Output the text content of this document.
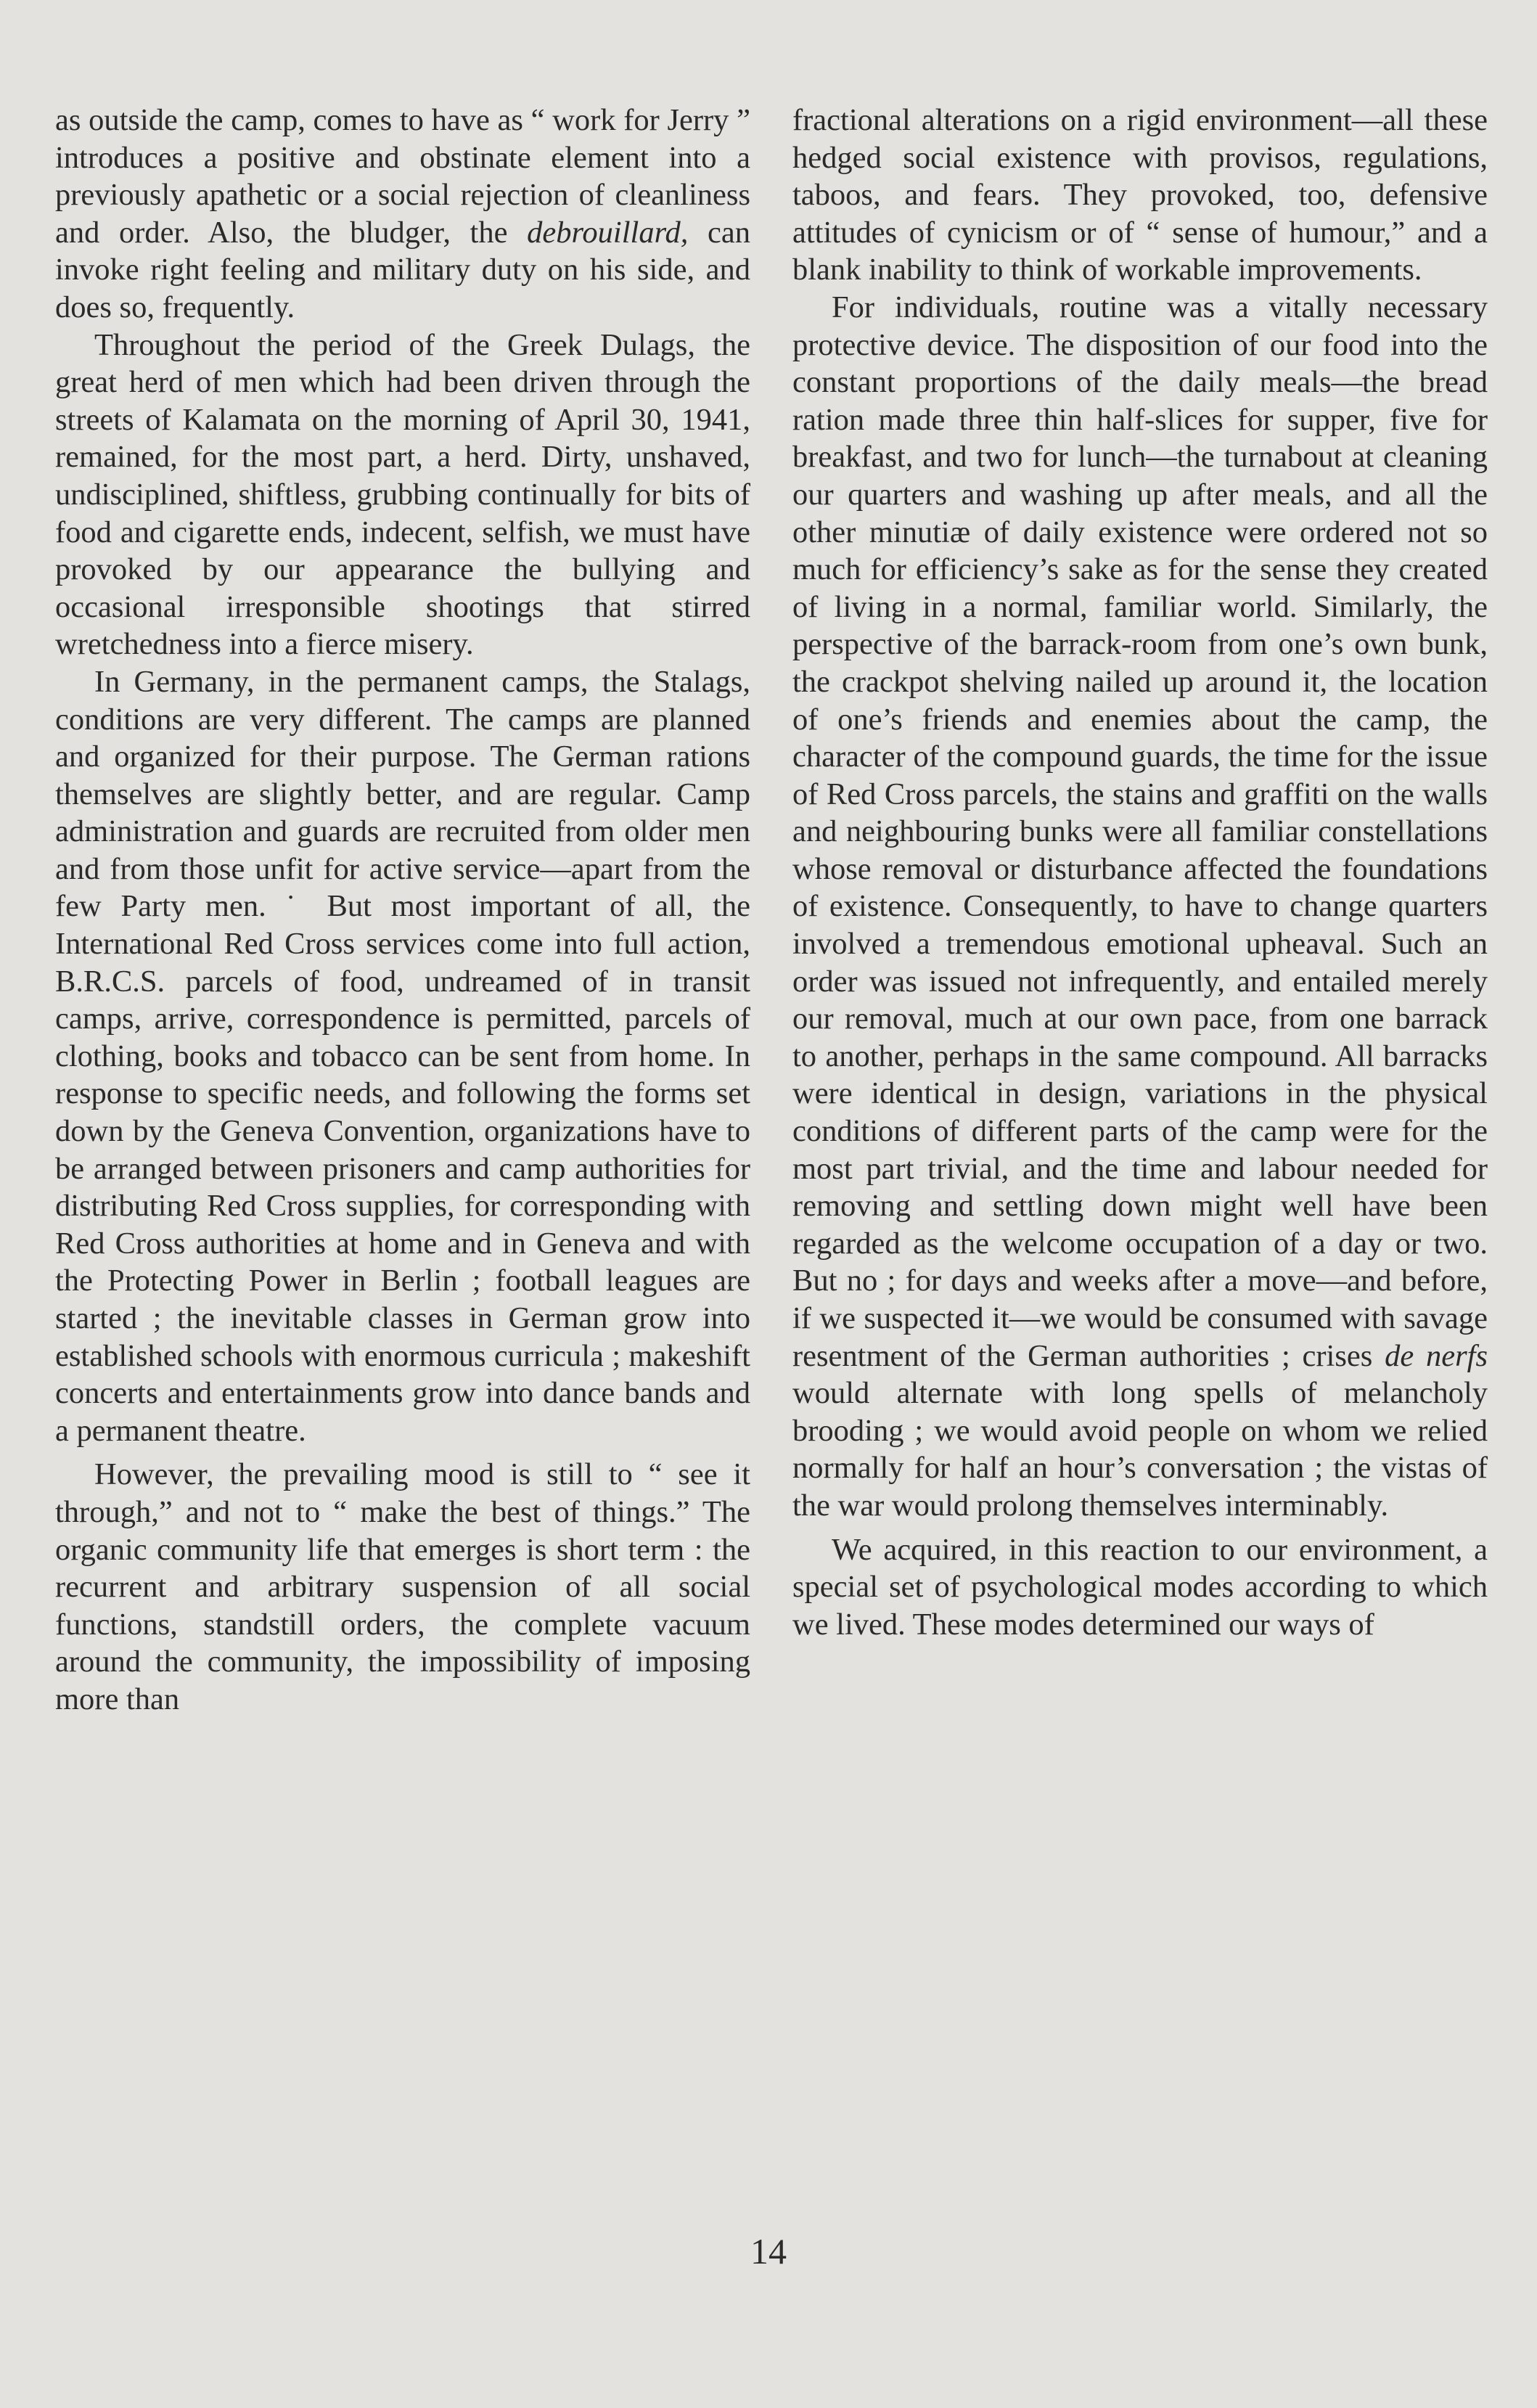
as outside the camp, comes to have as “ work for Jerry ” introduces a positive and obstinate element into a previously apathetic or a social rejection of cleanliness and order. Also, the bludger, the debrouillard, can invoke right feeling and military duty on his side, and does so, frequently.

Throughout the period of the Greek Dulags, the great herd of men which had been driven through the streets of Kalamata on the morning of April 30, 1941, remained, for the most part, a herd. Dirty, unshaved, undisciplined, shiftless, grubbing continually for bits of food and cigarette ends, indecent, selfish, we must have provoked by our appearance the bullying and occasional irresponsible shootings that stirred wretchedness into a fierce misery.

In Germany, in the permanent camps, the Stalags, conditions are very different. The camps are planned and organized for their purpose. The German rations themselves are slightly better, and are regular. Camp administration and guards are recruited from older men and from those unfit for active service—apart from the few Party men. ˙ But most important of all, the International Red Cross services come into full action, B.R.C.S. parcels of food, undreamed of in transit camps, arrive, correspondence is permitted, parcels of clothing, books and tobacco can be sent from home. In response to specific needs, and following the forms set down by the Geneva Convention, organizations have to be arranged between prisoners and camp authorities for distributing Red Cross supplies, for corresponding with Red Cross authorities at home and in Geneva and with the Protecting Power in Berlin ; football leagues are started ; the inevitable classes in German grow into established schools with enormous curricula ; makeshift concerts and entertainments grow into dance bands and a permanent theatre.

However, the prevailing mood is still to “ see it through,” and not to “ make the best of things.” The organic community life that emerges is short term : the recurrent and arbitrary suspension of all social functions, standstill orders, the complete vacuum around the community, the impossibility of imposing more than

fractional alterations on a rigid environment—all these hedged social existence with provisos, regulations, taboos, and fears. They provoked, too, defensive attitudes of cynicism or of “ sense of humour,” and a blank inability to think of workable improvements.

For individuals, routine was a vitally necessary protective device. The disposition of our food into the constant proportions of the daily meals—the bread ration made three thin half-slices for supper, five for breakfast, and two for lunch—the turnabout at cleaning our quarters and washing up after meals, and all the other minutiæ of daily existence were ordered not so much for efficiency’s sake as for the sense they created of living in a normal, familiar world. Similarly, the perspective of the barrack-room from one’s own bunk, the crackpot shelving nailed up around it, the location of one’s friends and enemies about the camp, the character of the compound guards, the time for the issue of Red Cross parcels, the stains and graffiti on the walls and neighbouring bunks were all familiar constellations whose removal or disturbance affected the foundations of existence. Consequently, to have to change quarters involved a tremendous emotional upheaval. Such an order was issued not infrequently, and entailed merely our removal, much at our own pace, from one barrack to another, perhaps in the same compound. All barracks were identical in design, variations in the physical conditions of different parts of the camp were for the most part trivial, and the time and labour needed for removing and settling down might well have been regarded as the welcome occupation of a day or two. But no ; for days and weeks after a move—and before, if we suspected it—we would be consumed with savage resentment of the German authorities ; crises de nerfs would alternate with long spells of melancholy brooding ; we would avoid people on whom we relied normally for half an hour’s conversation ; the vistas of the war would prolong themselves interminably.

We acquired, in this reaction to our environment, a special set of psychological modes according to which we lived. These modes determined our ways of

14
